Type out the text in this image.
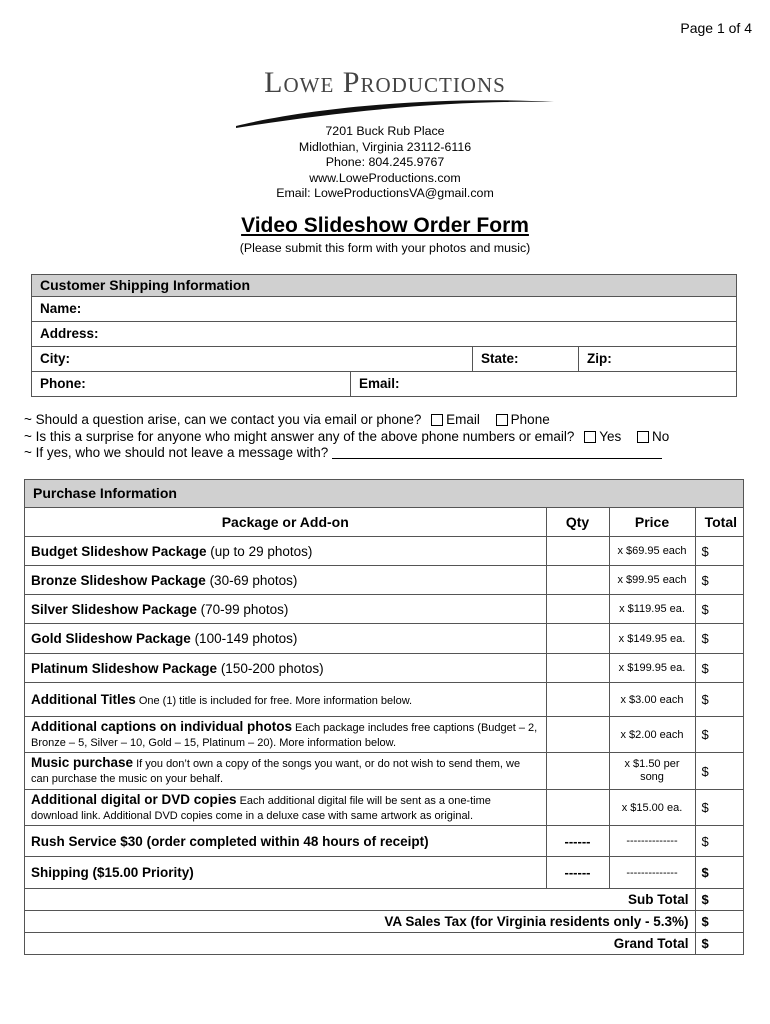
Page 1 of 4
Lowe Productions
7201 Buck Rub Place
Midlothian, Virginia 23112-6116
Phone: 804.245.9767
www.LoweProductions.com
Email: LoweProductionsVA@gmail.com
Video Slideshow Order Form
(Please submit this form with your photos and music)
Customer Shipping Information
Name:
Address:
City:	State:	Zip:
Phone:	Email:
~ Should a question arise, can we contact you via email or phone? Email Phone
~ Is this a surprise for anyone who might answer any of the above phone numbers or email? Yes No
~ If yes, who we should not leave a message with?
Purchase Information
Package or Add-on	Qty	Price	Total
Budget Slideshow Package (up to 29 photos)		x $69.95 each	$
Bronze Slideshow Package (30-69 photos)		x $99.95 each	$
Silver Slideshow Package (70-99 photos)		x $119.95 ea.	$
Gold Slideshow Package (100-149 photos)		x $149.95 ea.	$
Platinum Slideshow Package (150-200 photos)		x $199.95 ea.	$
Additional Titles One (1) title is included for free. More information below.		x $3.00 each	$
Additional captions on individual photos Each package includes free captions (Budget – 2, Bronze – 5, Silver – 10, Gold – 15, Platinum – 20). More information below.		x $2.00 each	$
Music purchase If you don’t own a copy of the songs you want, or do not wish to send them, we can purchase the music on your behalf.		x $1.50 per song	$
Additional digital or DVD copies Each additional digital file will be sent as a one-time download link. Additional DVD copies come in a deluxe case with same artwork as original.		x $15.00 ea.	$
Rush Service $30 (order completed within 48 hours of receipt)	------	--------------	$
Shipping ($15.00 Priority)	------	--------------	$
Sub Total			$
VA Sales Tax (for Virginia residents only - 5.3%)			$
Grand Total			$
